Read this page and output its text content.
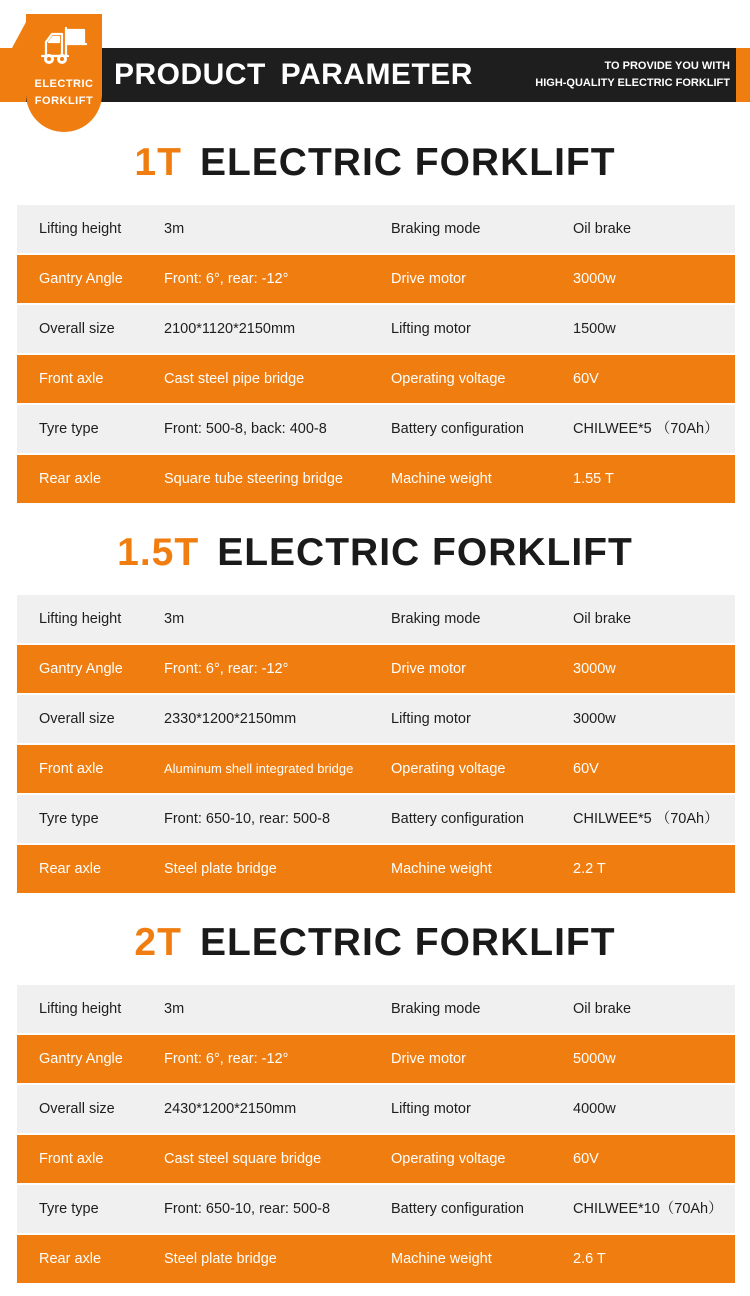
ELECTRIC
FORKLIFT
PRODUCT PARAMETER	TO PROVIDE YOU WITH
HIGH-QUALITY ELECTRIC FORKLIFT
1T ELECTRIC FORKLIFT
Lifting height	3m	Braking mode	Oil brake
Gantry Angle	Front: 6°, rear: -12°	Drive motor	3000w
Overall size	2100*1120*2150mm	Lifting motor	1500w
Front axle	Cast steel pipe bridge	Operating voltage	60V
Tyre type	Front: 500-8, back: 400-8	Battery configuration	CHILWEE*5 （70Ah）
Rear axle	Square tube steering bridge	Machine weight	1.55 T
1.5T ELECTRIC FORKLIFT
Lifting height	3m	Braking mode	Oil brake
Gantry Angle	Front: 6°, rear: -12°	Drive motor	3000w
Overall size	2330*1200*2150mm	Lifting motor	3000w
Front axle	Aluminum shell integrated bridge	Operating voltage	60V
Tyre type	Front: 650-10, rear: 500-8	Battery configuration	CHILWEE*5 （70Ah）
Rear axle	Steel plate bridge	Machine weight	2.2 T
2T ELECTRIC FORKLIFT
Lifting height	3m	Braking mode	Oil brake
Gantry Angle	Front: 6°, rear: -12°	Drive motor	5000w
Overall size	2430*1200*2150mm	Lifting motor	4000w
Front axle	Cast steel square bridge	Operating voltage	60V
Tyre type	Front: 650-10, rear: 500-8	Battery configuration	CHILWEE*10（70Ah）
Rear axle	Steel plate bridge	Machine weight	2.6 T
